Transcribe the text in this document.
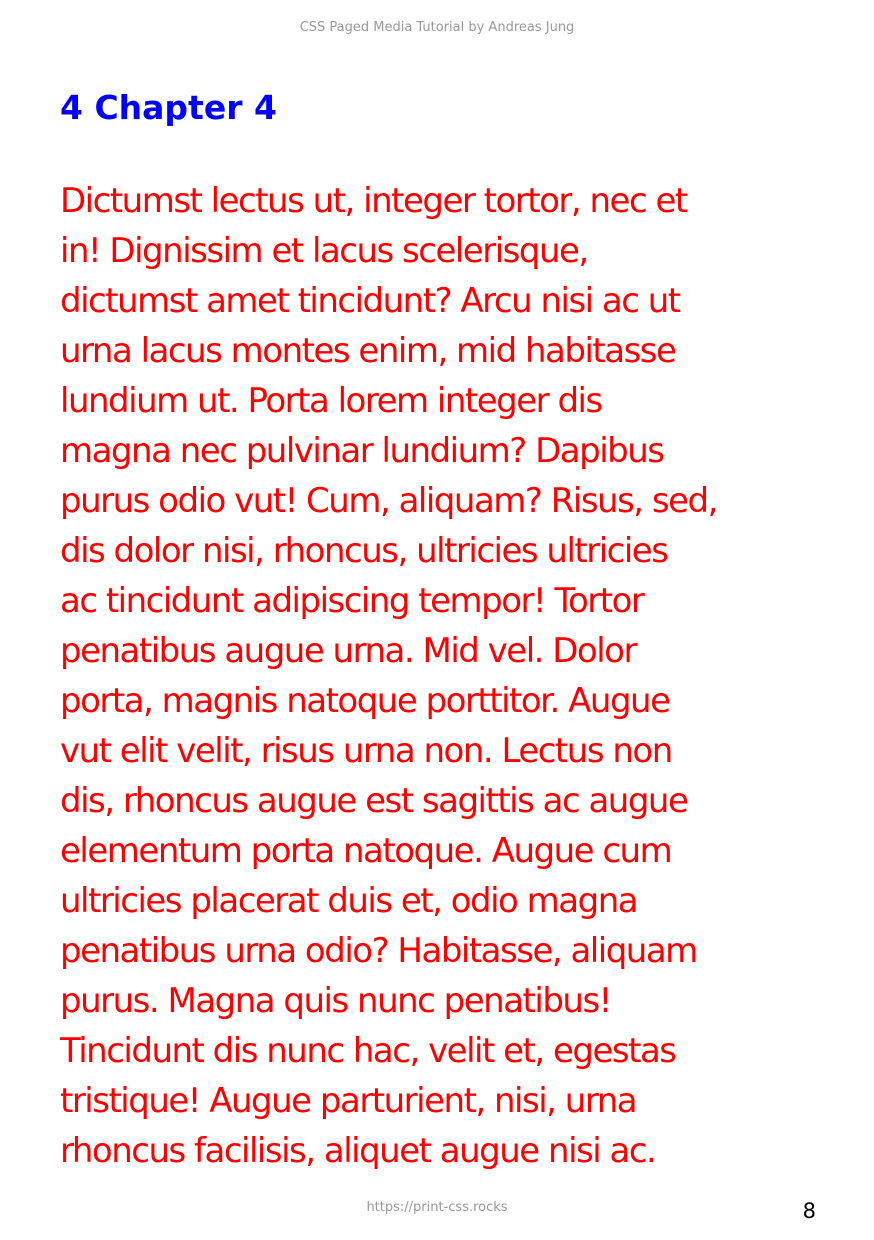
CSS Paged Media Tutorial by Andreas Jung
4 Chapter 4

Dictumst lectus ut, integer tortor, nec et
in! Dignissim et lacus scelerisque,
dictumst amet tincidunt? Arcu nisi ac ut
urna lacus montes enim, mid habitasse
lundium ut. Porta lorem integer dis
magna nec pulvinar lundium? Dapibus
purus odio vut! Cum, aliquam? Risus, sed,
dis dolor nisi, rhoncus, ultricies ultricies
ac tincidunt adipiscing tempor! Tortor
penatibus augue urna. Mid vel. Dolor
porta, magnis natoque porttitor. Augue
vut elit velit, risus urna non. Lectus non
dis, rhoncus augue est sagittis ac augue
elementum porta natoque. Augue cum
ultricies placerat duis et, odio magna
penatibus urna odio? Habitasse, aliquam
purus. Magna quis nunc penatibus!
Tincidunt dis nunc hac, velit et, egestas
tristique! Augue parturient, nisi, urna
rhoncus facilisis, aliquet augue nisi ac.

https://print-css.rocks	8
